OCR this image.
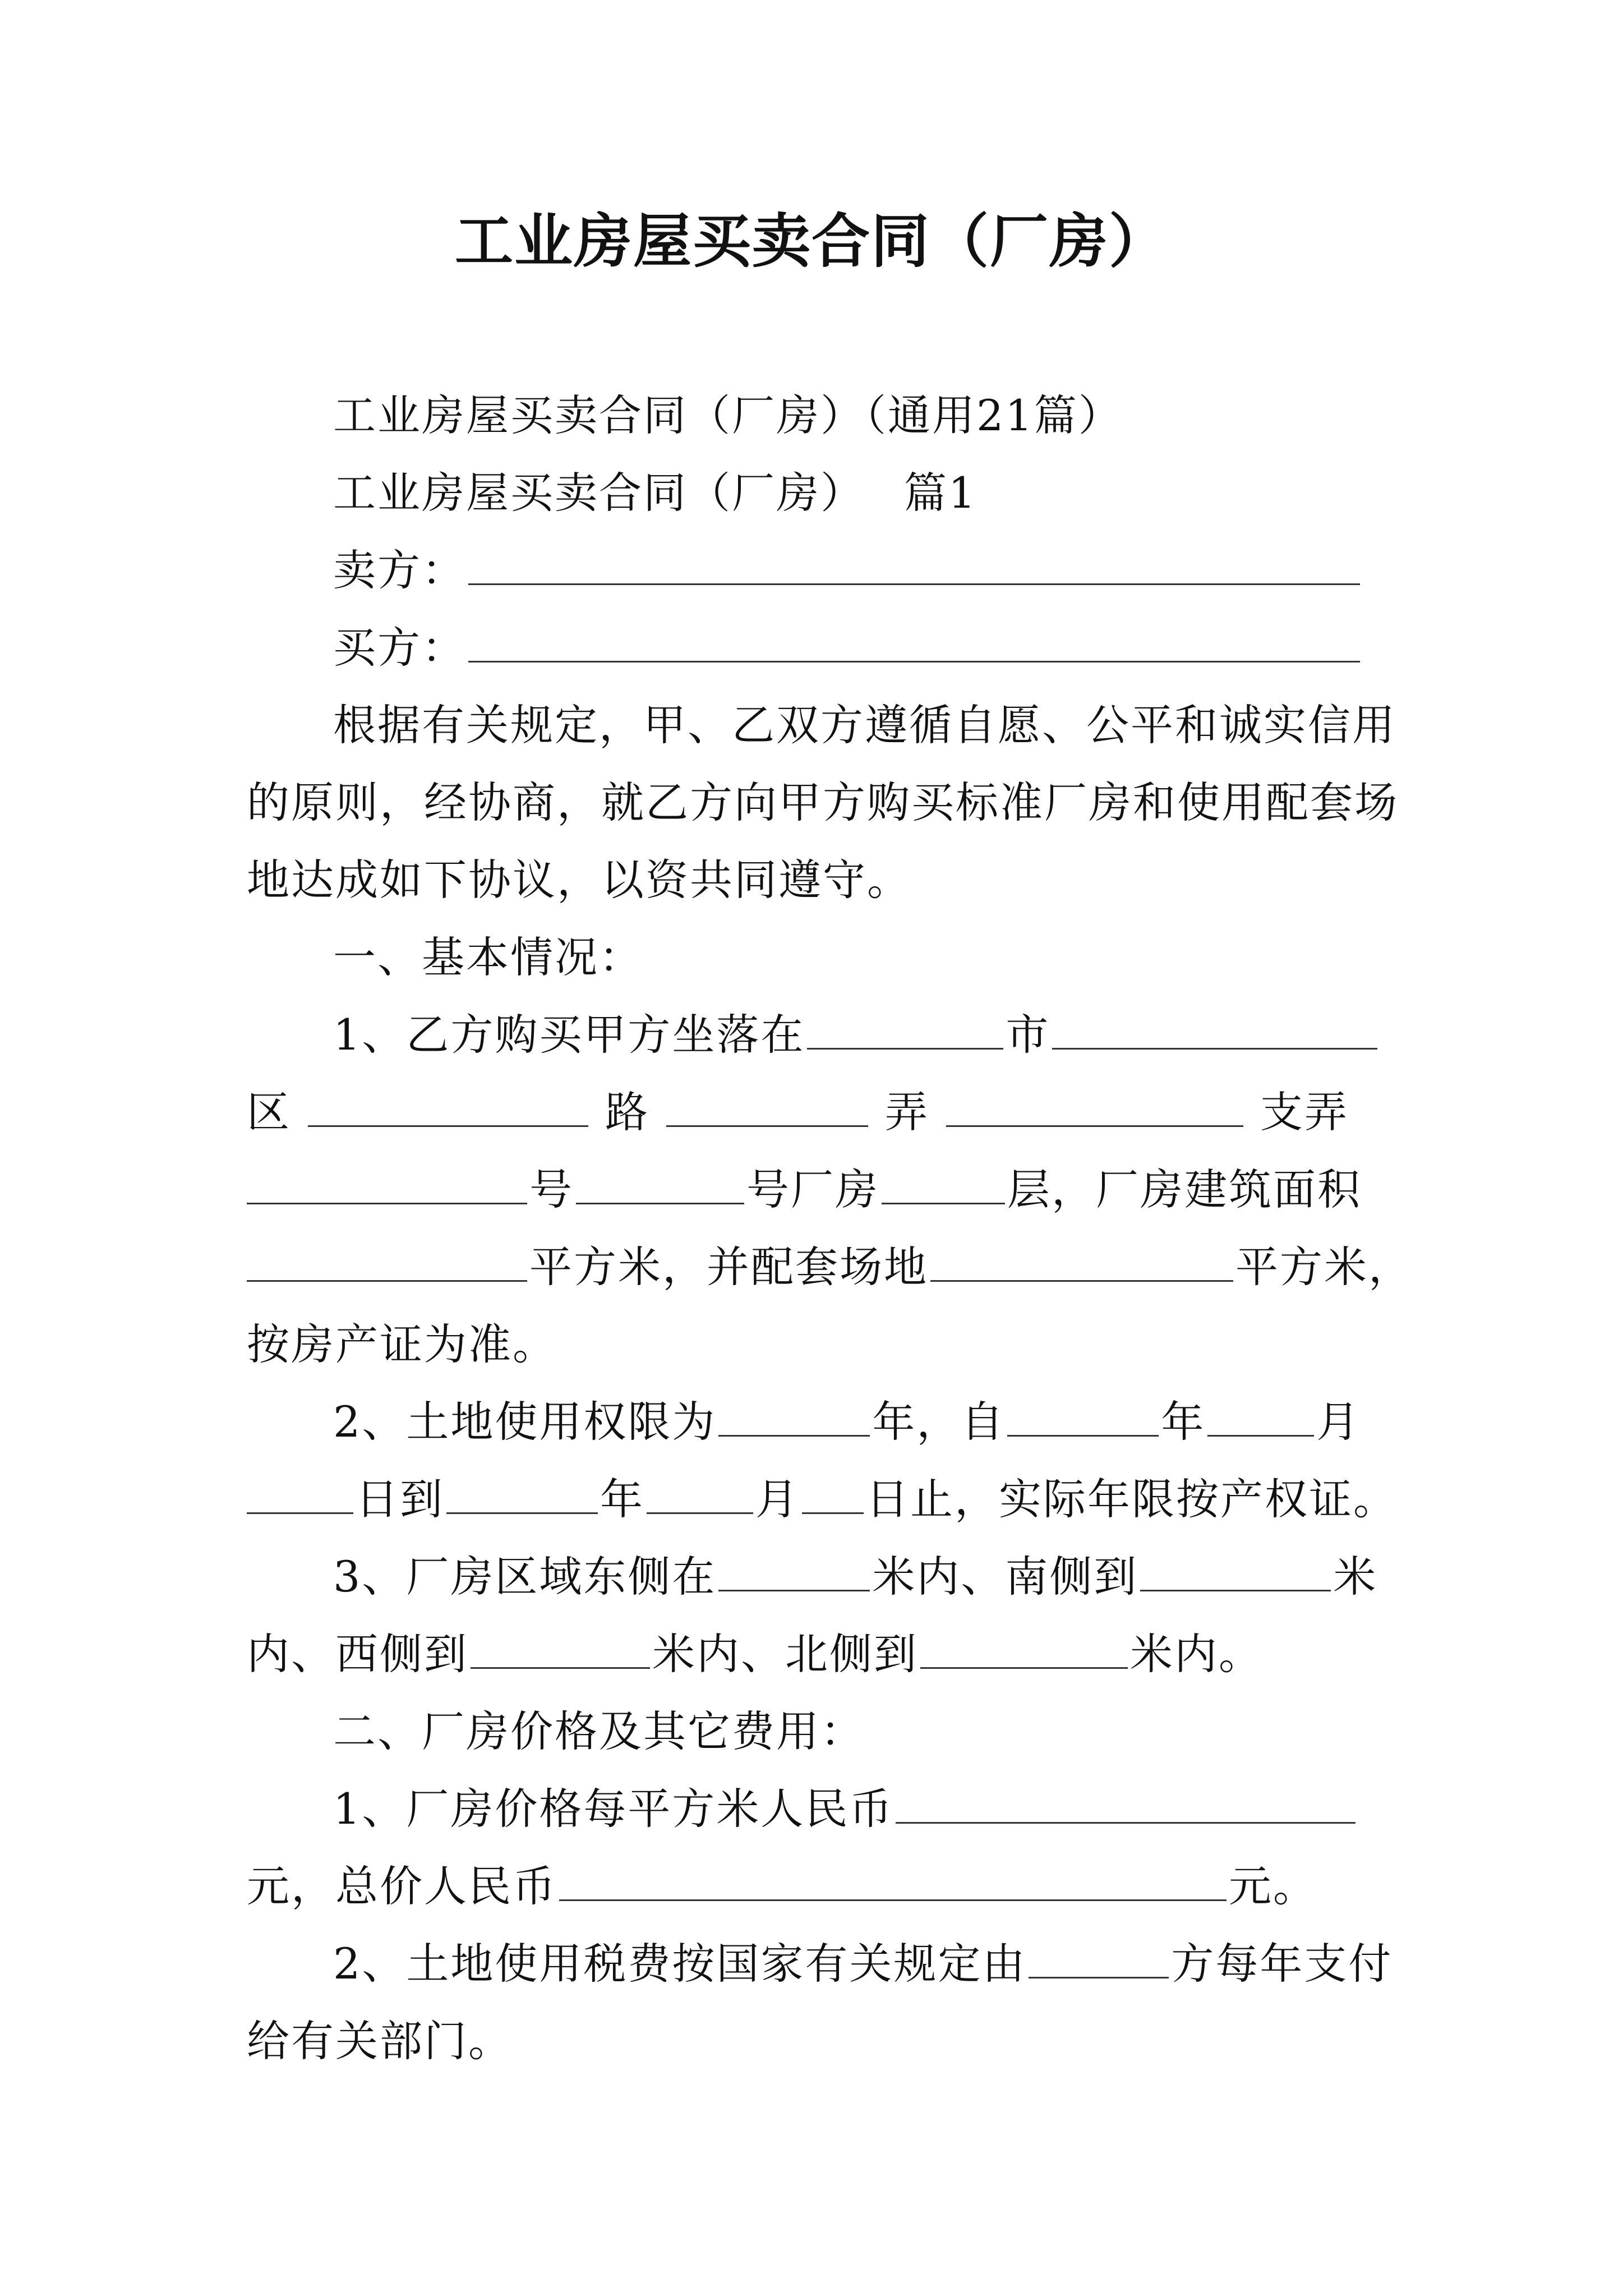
工业房屋买卖合同（厂房）
工业房屋买卖合同（厂房）（通用21篇）
工业房屋买卖合同（厂房） 篇1
卖方：
买方：
根据有关规定，甲、乙双方遵循自愿、公平和诚实信用
的原则，经协商，就乙方向甲方购买标准厂房和使用配套场
地达成如下协议，以资共同遵守。
一、基本情况：
1、乙方购买甲方坐落在	市
区	路	弄	支弄
号	号厂房	层，厂房建筑面积
平方米，并配套场地	平方米，
按房产证为准。
2、土地使用权限为	年，自	年	月
日到	年	月 日止，实际年限按产权证。
3、厂房区域东侧在	米内、南侧到	米
内、西侧到	米内、北侧到	米内。
二、厂房价格及其它费用：
1、厂房价格每平方米人民币
元，总价人民币	元。
2、土地使用税费按国家有关规定由	方每年支付
给有关部门。
